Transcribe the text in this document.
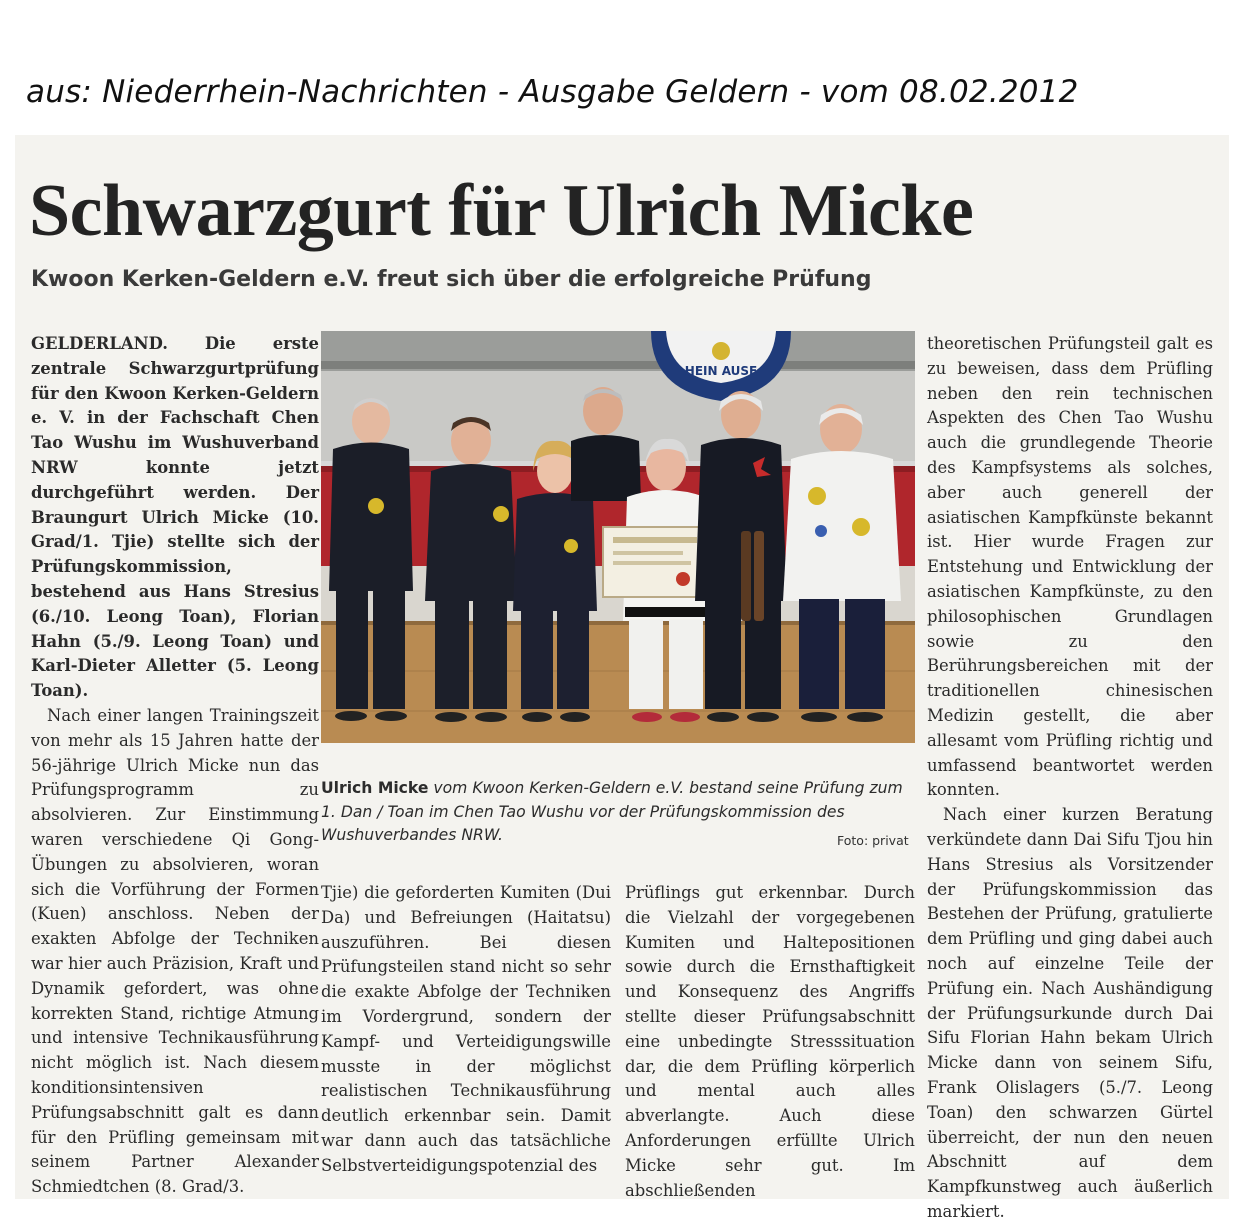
aus: Niederrhein-Nachrichten - Ausgabe Geldern - vom 08.02.2012
Schwarzgurt für Ulrich Micke
Kwoon Kerken-Geldern e.V. freut sich über die erfolgreiche Prüfung

GELDERLAND. Die erste zentrale Schwarzgurtprüfung für den Kwoon Kerken-Geldern e. V. in der Fachschaft Chen Tao Wushu im Wushuverband NRW konnte jetzt durchgeführt werden. Der Braungurt Ulrich Micke (10. Grad/1. Tjie) stellte sich der Prüfungskommission, bestehend aus Hans Stresius (6./10. Leong Toan), Florian Hahn (5./9. Leong Toan) und Karl-Dieter Alletter (5. Leong Toan).

Nach einer langen Trainingszeit von mehr als 15 Jahren hatte der 56-jährige Ulrich Micke nun das Prüfungsprogramm zu absolvieren. Zur Einstimmung waren verschiedene Qi Gong-Übungen zu absolvieren, woran sich die Vorführung der Formen (Kuen) anschloss. Neben der exakten Abfolge der Techniken war hier auch Präzision, Kraft und Dynamik gefordert, was ohne korrekten Stand, richtige Atmung und intensive Technikausführung nicht möglich ist. Nach diesem konditionsintensiven Prüfungsabschnitt galt es dann für den Prüfling gemeinsam mit seinem Partner Alexander Schmiedtchen (8. Grad/3.

HEIN AUSE
Ulrich Micke vom Kwoon Kerken-Geldern e.V. bestand seine Prüfung zum 1. Dan / Toan im Chen Tao Wushu vor der Prüfungskommission des Wushuverbandes NRW.	Foto: privat

Tjie) die geforderten Kumiten (Dui Da) und Befreiungen (Haitatsu) auszuführen. Bei diesen Prüfungsteilen stand nicht so sehr die exakte Abfolge der Techniken im Vordergrund, sondern der Kampf- und Verteidigungswille musste in der möglichst realistischen Technikausführung deutlich erkennbar sein. Damit war dann auch das tatsächliche Selbstverteidigungspotenzial des

Prüflings gut erkennbar. Durch die Vielzahl der vorgegebenen Kumiten und Haltepositionen sowie durch die Ernsthaftigkeit und Konsequenz des Angriffs stellte dieser Prüfungsabschnitt eine unbedingte Stresssituation dar, die dem Prüfling körperlich und mental auch alles abverlangte. Auch diese Anforderungen erfüllte Ulrich Micke sehr gut. Im abschließenden

theoretischen Prüfungsteil galt es zu beweisen, dass dem Prüfling neben den rein technischen Aspekten des Chen Tao Wushu auch die grundlegende Theorie des Kampfsystems als solches, aber auch generell der asiatischen Kampfkünste bekannt ist. Hier wurde Fragen zur Entstehung und Entwicklung der asiatischen Kampfkünste, zu den philosophischen Grundlagen sowie zu den Berührungsbereichen mit der traditionellen chinesischen Medizin gestellt, die aber allesamt vom Prüfling richtig und umfassend beantwortet werden konnten.

Nach einer kurzen Beratung verkündete dann Dai Sifu Tjou hin Hans Stresius als Vorsitzender der Prüfungskommission das Bestehen der Prüfung, gratulierte dem Prüfling und ging dabei auch noch auf einzelne Teile der Prüfung ein. Nach Aushändigung der Prüfungsurkunde durch Dai Sifu Florian Hahn bekam Ulrich Micke dann von seinem Sifu, Frank Olislagers (5./7. Leong Toan) den schwarzen Gürtel überreicht, der nun den neuen Abschnitt auf dem Kampfkunstweg auch äußerlich markiert.
